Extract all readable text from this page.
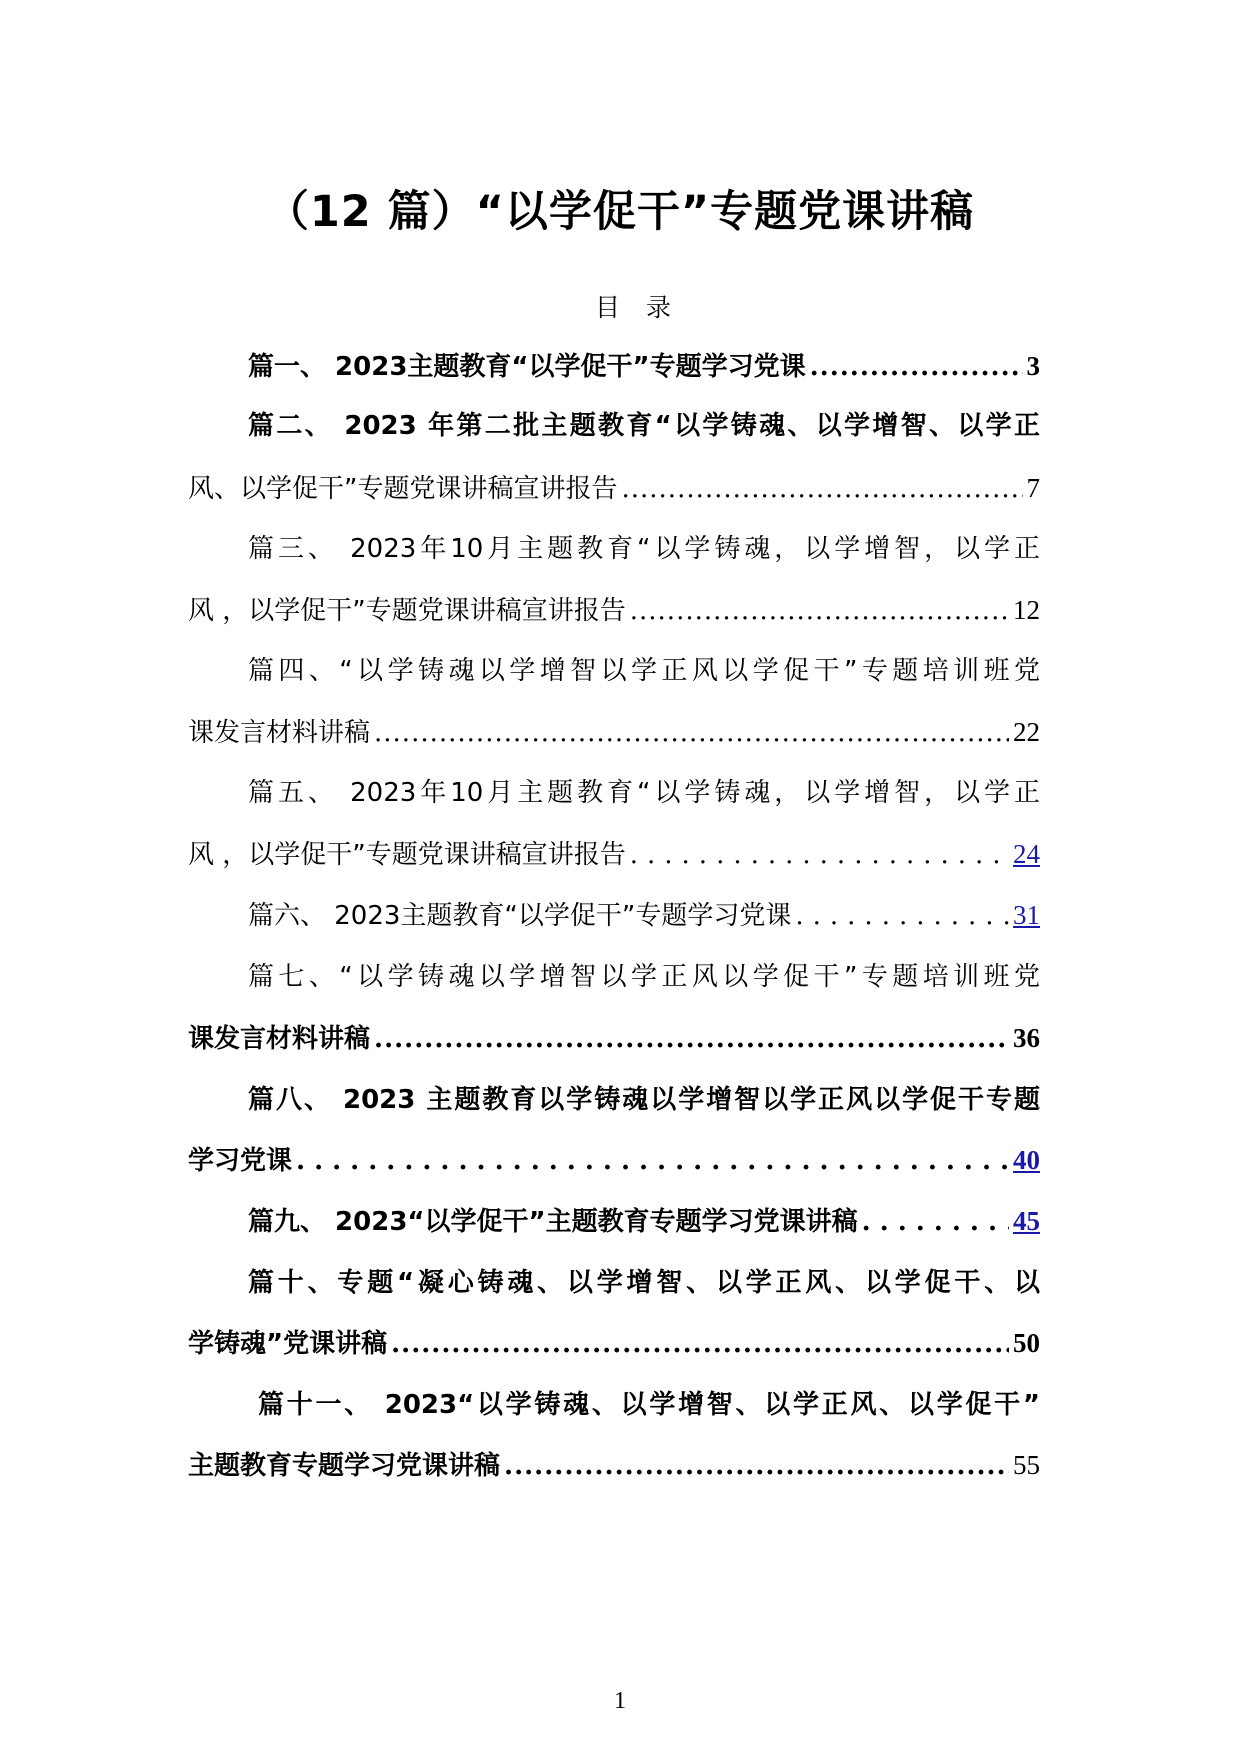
（12 篇）“以学促干”专题党课讲稿
目录
篇一、 2023主题教育“以学促干”专题学习党课 .....	3
篇二、 2023 年第二批主题教育“以学铸魂、以学增智、以学正
风、以学促干”专题党课讲稿宣讲报告 .....	7
篇三、 2023年10月主题教育“以学铸魂，以学增智，以学正
风 ，以学促干”专题党课讲稿宣讲报告 .....	12
篇四、“以学铸魂以学增智以学正风以学促干”专题培训班党
课发言材料讲稿 .....	22
篇五、 2023年10月主题教育“以学铸魂，以学增智，以学正
风 ，以学促干”专题党课讲稿宣讲报告 .....	24
篇六、 2023主题教育“以学促干”专题学习党课 .....	31
篇七、“以学铸魂以学增智以学正风以学促干”专题培训班党
课发言材料讲稿 .....	36
篇八、 2023 主题教育以学铸魂以学增智以学正风以学促干专题
学习党课 .....	40
篇九、 2023“以学促干”主题教育专题学习党课讲稿 .....	45
篇十、专题“凝心铸魂、以学增智、以学正风、以学促干、以
学铸魂”党课讲稿 .....	50
篇十一、 2023“以学铸魂、以学增智、以学正风、以学促干”
主题教育专题学习党课讲稿 .....	55
1
